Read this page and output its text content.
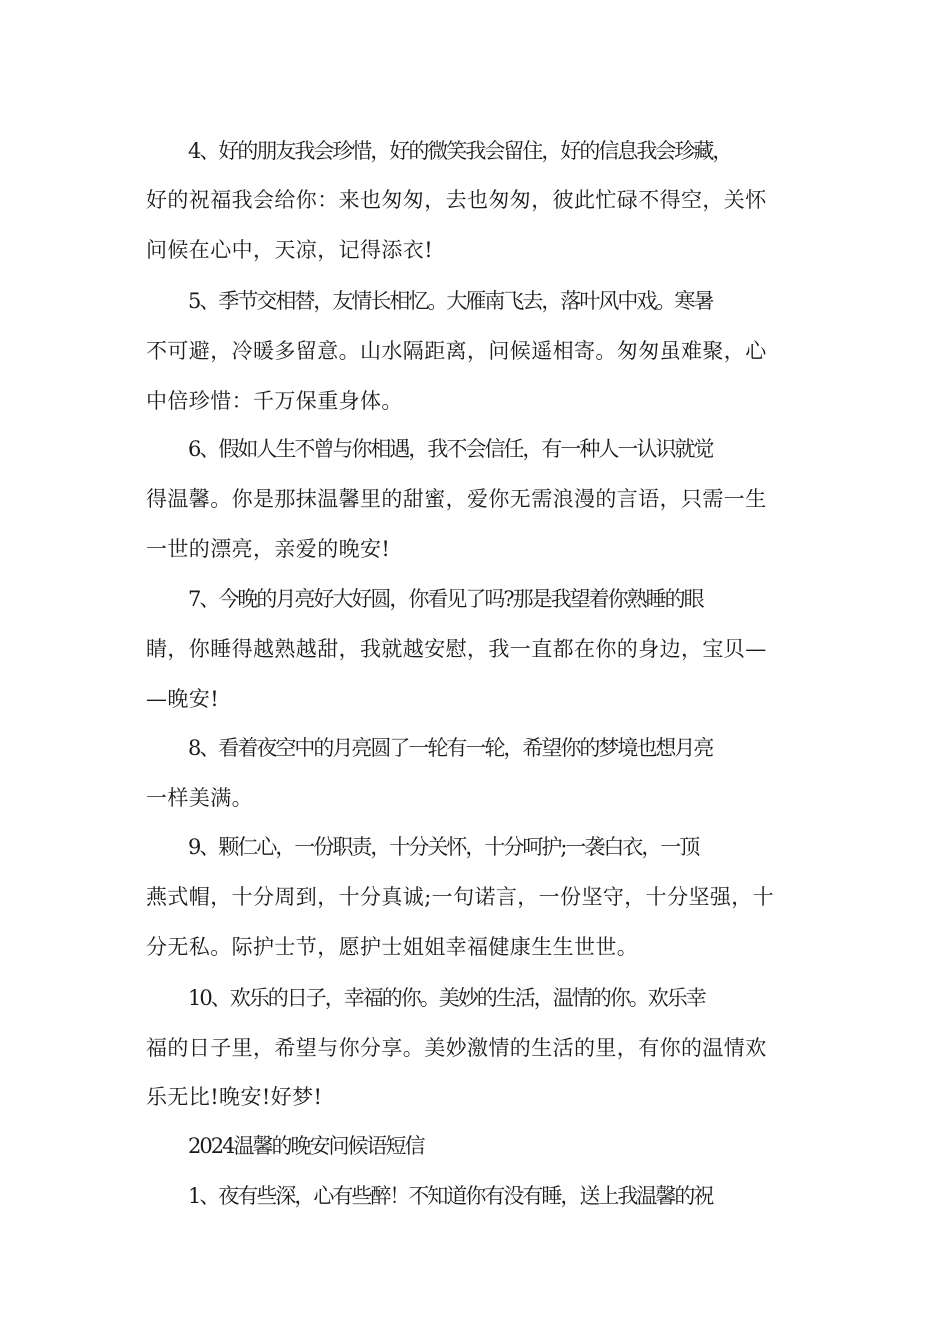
4、好的朋友我会珍惜，好的微笑我会留住，好的信息我会珍藏，
好的祝福我会给你：来也匆匆，去也匆匆，彼此忙碌不得空，关怀
问候在心中，天凉，记得添衣!
5、季节交相替，友情长相忆。大雁南飞去，落叶风中戏。寒暑
不可避，冷暖多留意。山水隔距离，问候遥相寄。匆匆虽难聚，心
中倍珍惜：千万保重身体。
6、假如人生不曾与你相遇，我不会信任，有一种人一认识就觉
得温馨。你是那抹温馨里的甜蜜，爱你无需浪漫的言语，只需一生
一世的漂亮，亲爱的晚安!
7、今晚的月亮好大好圆，你看见了吗?那是我望着你熟睡的眼
睛，你睡得越熟越甜，我就越安慰，我一直都在你的身边，宝贝—
—晚安!
8、看着夜空中的月亮圆了一轮有一轮，希望你的梦境也想月亮
一样美满。
9、颗仁心，一份职责，十分关怀，十分呵护;一袭白衣，一顶
燕式帽，十分周到，十分真诚;一句诺言，一份坚守，十分坚强，十
分无私。际护士节，愿护士姐姐幸福健康生生世世。
10、欢乐的日子，幸福的你。美妙的生活，温情的你。欢乐幸
福的日子里，希望与你分享。美妙激情的生活的里，有你的温情欢
乐无比!晚安!好梦!
2024温馨的晚安问候语短信
1、夜有些深，心有些醉！不知道你有没有睡，送上我温馨的祝
